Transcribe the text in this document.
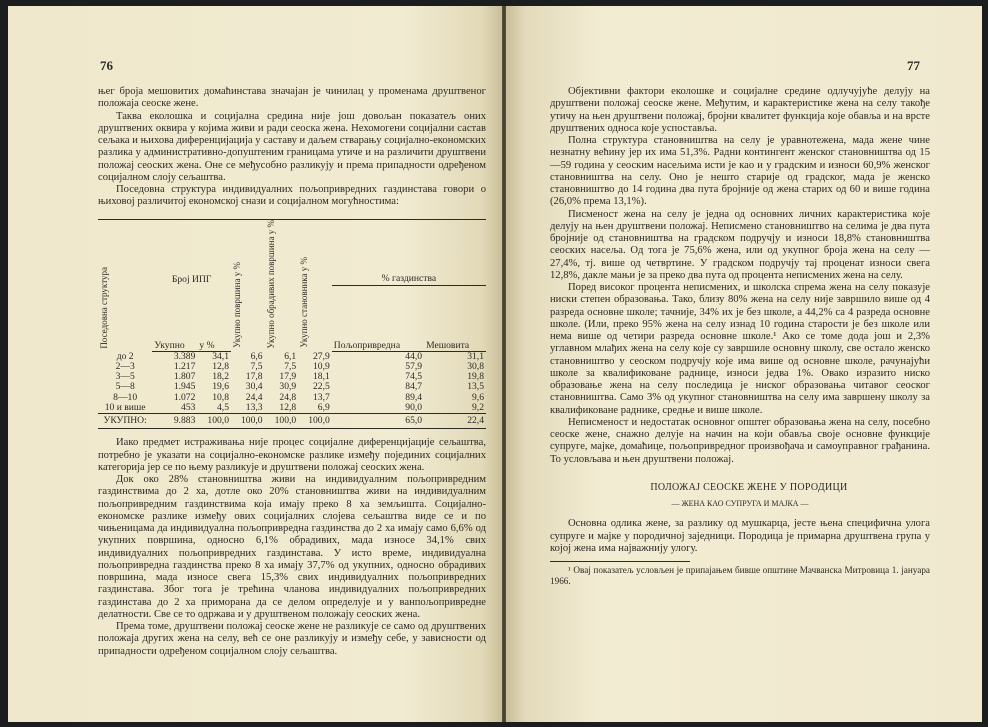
76

њег броја мешовитих домаћинстава значајан је чинилац у променама друштвеног положаја сеоске жене.

Таква еколошка и социјална средина није још довољан показатељ оних друштвених оквира у којима живи и ради сеоска жена. Нехомогени социјални састав сељака и њихова диференцијација у саставу и даљем стварању социјално-економских разлика у административно-допуштеним границама утиче и на различити друштвени положај сеоских жена. Оне се међусобно разликују и према припадности одређеном социјалном слоју сељаштва.

Поседовна структура индивидуалних пољопривредних газдинстава говори о њиховој различитој економској снази и социјалном могућностима:

Поседовна структура	Број ИПГ		Укупно површина у %	Укупно обрадивих површина у %	Укупно становника у %	% газдинства	
	Укупно	у %				Пољопривредна	Мешовита
до 2	3.389	34,1	6,6	6,1	27,9	44,0	31,1
2—3	1.217	12,8	7,5	7,5	10,9	57,9	30,8
3—5	1.807	18,2	17,8	17,9	18,1	74,5	19,8
5—8	1.945	19,6	30,4	30,9	22,5	84,7	13,5
8—10	1.072	10,8	24,4	24,8	13,7	89,4	9,6
10 и више	453	4,5	13,3	12,8	6,9	90,0	9,2
УКУПНО:	9.883	100,0	100,0	100,0	100,0	65,0	22,4

Иако предмет истраживања није процес социјалне диференцијације сељаштва, потребно је указати на социјално-економске разлике између појединих социјалних категорија јер се по њему разликује и друштвени положај сеоских жена.

Док око 28% становништва живи на индивидуалним пољопривредним газдинствима до 2 ха, дотле око 20% становништва живи на индивидуалним пољопривредним газдинствима која имају преко 8 ха земљишта. Социјално-економске разлике између ових социјалних слојева сељаштва виде се и по чињеницама да индивидуална пољопривредна газдинства до 2 ха имају само 6,6% од укупних површина, односно 6,1% обрадивих, мада износе 34,1% свих индивидуалних пољопривредних газдинстава. У исто време, индивидуална пољопривредна газдинства преко 8 ха имају 37,7% од укупних, односно обрадивих површина, мада износе свега 15,3% свих индивидуалних пољопривредних газдинстава. Због тога је трећина чланова индивидуалних пољопривредних газдинстава до 2 ха приморана да се делом определује и у ванпољопривредне делатности. Све се то одржава и у друштвеном положају сеоских жена.

Према томе, друштвени положај сеоске жене не разликује се само од друштвених положаја других жена на селу, већ се оне разликују и између себе, у зависности од припадности одређеном социјалном слоју сељаштва.

77

Објективни фактори еколошке и социјалне средине одлучујуће делују на друштвени положај сеоске жене. Међутим, и карактеристике жена на селу такође утичу на њен друштвени положај, бројни квалитет функција које обавља и на врсте друштвених односа које успоставља.

Полна структура становништва на селу је уравнотежена, мада жене чине незнатну већину јер их има 51,3%. Радни контингент женског становништва од 15—59 година у сеоским насељима исти је као и у градским и износи 60,9% женског становништва на селу. Оно је нешто старије од градског, мада је женско становништво до 14 година два пута бројније од жена старих од 60 и више година (26,0% према 13,1%).

Писменост жена на селу је једна од основних личних карактеристика које делују на њен друштвени положај. Неписмено становништво на селима је два пута бројније од становништва на градском подручју и износи 18,8% становништва сеоских насеља. Од тога је 75,6% жена, или од укупног броја жена на селу — 27,4%, тј. више од четвртине. У градском подручју тај проценат износи свега 12,8%, дакле мањи је за преко два пута од процента неписмених жена на селу.

Поред високог процента неписмених, и школска спрема жена на селу показује ниски степен образовања. Тако, близу 80% жена на селу није завршило више од 4 разреда основне школе; тачније, 34% их је без школе, а 44,2% са 4 разреда основне школе. (Или, преко 95% жена на селу изнад 10 година старости је без школе или нема више од четири разреда основне школе.¹ Ако се томе дода још и 2,3% углавном млађих жена на селу које су завршиле основну школу, све остало женско становништво у сеоском подручју које има више од основне школе, рачунајући школе за квалификоване раднице, износи једва 1%. Овако изразито ниско образовање жена на селу последица је ниског образовања читавог сеоског становништва. Само 3% од укупног становништва на селу има завршену школу за квалификоване раднике, средње и више школе.

Неписменост и недостатак основног општег образовања жена на селу, посебно сеоске жене, снажно делује на начин на који обавља своје основне функције супруге, мајке, домаћице, пољопривредног произвођача и самоуправног грађанина. То условљава и њен друштвени положај.

ПОЛОЖАЈ СЕОСКЕ ЖЕНЕ У ПОРОДИЦИ

— ЖЕНА КАО СУПРУГА И МАЈКА —

Основна одлика жене, за разлику од мушкарца, јесте њена специфична улога супруге и мајке у породичној заједници. Породица је примарна друштвена група у којој жена има најважнију улогу.

¹ Овај показатељ условљен је припајањем бивше општине Мачванска Митровица 1. јануара 1966.
